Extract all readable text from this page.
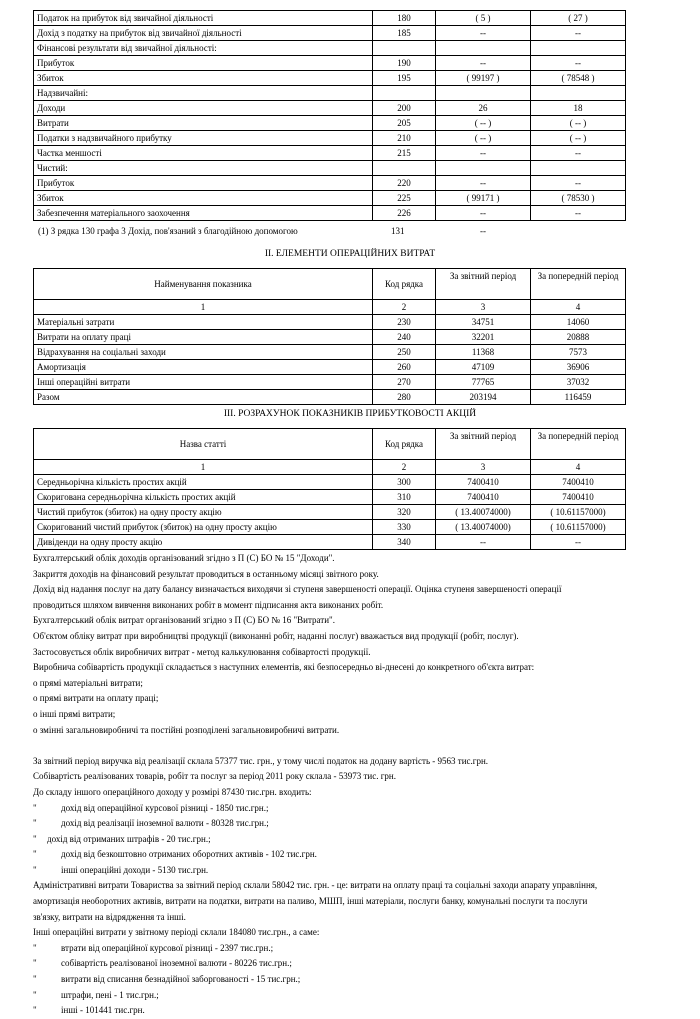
Податок на прибуток від звичайної діяльності	180	( 5 )	( 27 )
Дохід з податку на прибуток від звичайної діяльності	185	--	--
Фінансові результати від звичайної діяльності:			
Прибуток	190	--	--
Збиток	195	( 99197 )	( 78548 )
Надзвичайні:			
Доходи	200	26	18
Витрати	205	( -- )	( -- )
Податки з надзвичайного прибутку	210	( -- )	( -- )
Частка меншості	215	--	--
Чистий:			
Прибуток	220	--	--
Збиток	225	( 99171 )	( 78530 )
Забезпечення матеріального заохочення	226	--	--
(1) З рядка 130 графа 3 Дохід, пов'язаний з благодійною допомогою	131	--
II. ЕЛЕМЕНТИ ОПЕРАЦІЙНИХ ВИТРАТ
Найменування показника	Код рядка	За звітний період	За попередній період
1	2	3	4
Матеріальні затрати	230	34751	14060
Витрати на оплату праці	240	32201	20888
Відрахування на соціальні заходи	250	11368	7573
Амортизація	260	47109	36906
Інші операційні витрати	270	77765	37032
Разом	280	203194	116459
III. РОЗРАХУНОК ПОКАЗНИКІВ ПРИБУТКОВОСТІ АКЦІЙ
Назва статті	Код рядка	За звітний період	За попередній період
1	2	3	4
Середньорічна кількість простих акцій	300	7400410	7400410
Скоригована середньорічна кількість простих акцій	310	7400410	7400410
Чистий прибуток (збиток) на одну просту акцію	320	( 13.40074000)	( 10.61157000)
Скоригований чистий прибуток (збиток) на одну просту акцію	330	( 13.40074000)	( 10.61157000)
Дивіденди на одну просту акцію	340	--	--
Бухгалтерський облік доходів організований згідно з П (С) БО № 15 "Доходи".
Закриття доходів на фінансовий результат проводиться в останньому місяці звітного року.
Дохід від надання послуг на дату балансу визначається виходячи зі ступеня завершеності операції. Оцінка ступеня завершеності операції
проводиться шляхом вивчення виконаних робіт в момент підписання акта виконаних робіт.
Бухгалтерський облік витрат організований згідно з П (С) БО № 16 "Витрати".
Об'єктом обліку витрат при виробництві продукції (виконанні робіт, наданні послуг) вважається вид продукції (робіт, послуг).
Застосовується облік виробничих витрат - метод калькулювання собівартості продукції.
Виробнича собівартість продукції складається з наступних елементів, які безпосередньо ві-днесені до конкретного об'єкта витрат:
о прямі матеріальні витрати;
о прямі витрати на оплату праці;
о інші прямі витрати;
о змінні загальновиробничі та постійні розподілені загальновиробничі витрати.
За звітний період виручка від реалізації склала 57377 тис. грн., у тому числі податок на додану вартість - 9563 тис.грн.
Собівартість реалізованих товарів, робіт та послуг за період 2011 року склала - 53973 тис. грн.
До складу іншого операційного доходу у розмірі 87430 тис.грн. входить:
"	дохід від операційної курсової різниці - 1850 тис.грн.;
"	дохід від реалізації іноземної валюти - 80328 тис.грн.;
" дохід від отриманих штрафів - 20 тис.грн.;
"	дохід від безкоштовно отриманих оборотних активів - 102 тис.грн.
"	інші операційні доходи - 5130 тис.грн.
Адміністративні витрати Товариства за звітний період склали 58042 тис. грн. - це: витрати на оплату праці та соціальні заходи апарату управління,
амортизація необоротних активів, витрати на податки, витрати на паливо, МШП, інші матеріали, послуги банку, комунальні послуги та послуги
зв'язку, витрати на відрядження та інші.
Інші операційні витрати у звітному періоді склали 184080 тис.грн., а саме:
"	втрати від операційної курсової різниці - 2397 тис.грн.;
"	собівартість реалізованої іноземної валюти - 80226 тис.грн.;
"	витрати від списання безнадійної заборгованості - 15 тис.грн.;
"	штрафи, пені - 1 тис.грн.;
"	інші - 101441 тис.грн.
